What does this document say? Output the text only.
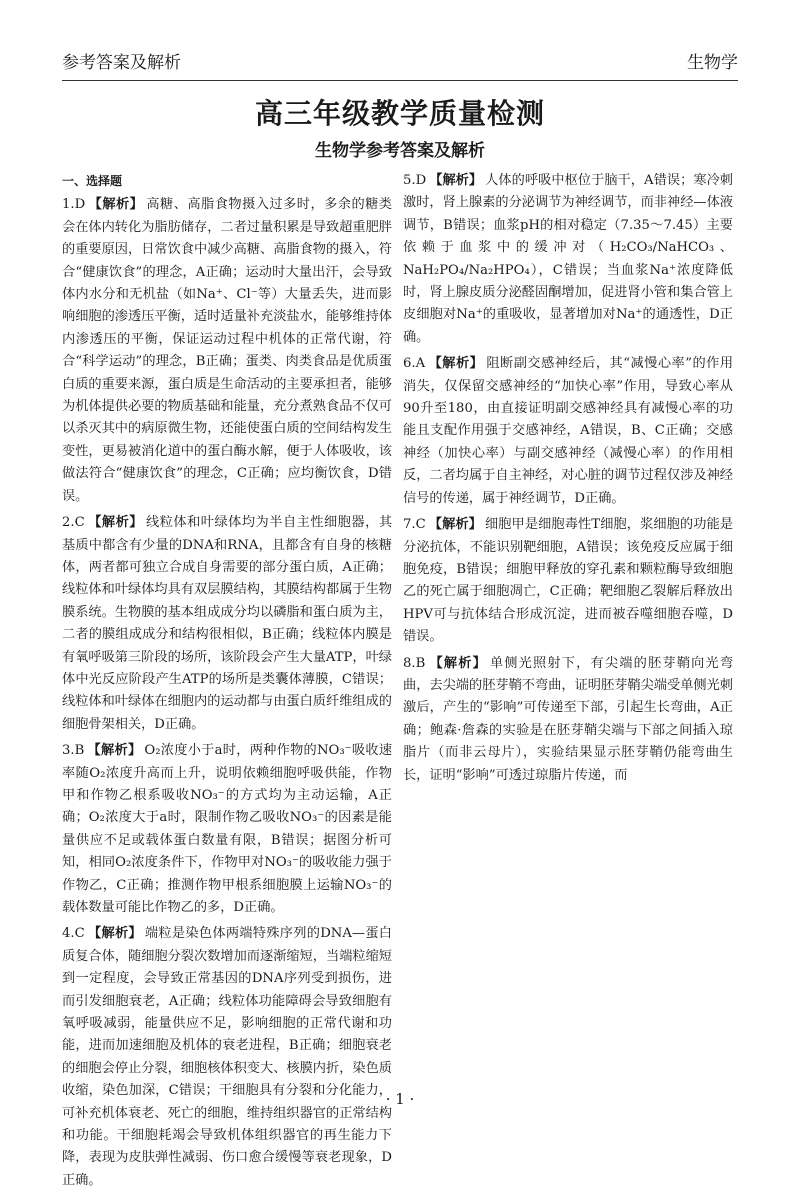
参考答案及解析	生物学
高三年级教学质量检测
生物学参考答案及解析
一、选择题

1.D 【解析】 高糖、高脂食物摄入过多时，多余的糖类会在体内转化为脂肪储存，二者过量积累是导致超重肥胖的重要原因，日常饮食中减少高糖、高脂食物的摄入，符合“健康饮食”的理念，A正确；运动时大量出汗，会导致体内水分和无机盐（如Na⁺、Cl⁻等）大量丢失，进而影响细胞的渗透压平衡，适时适量补充淡盐水，能够维持体内渗透压的平衡，保证运动过程中机体的正常代谢，符合“科学运动”的理念，B正确；蛋类、肉类食品是优质蛋白质的重要来源，蛋白质是生命活动的主要承担者，能够为机体提供必要的物质基础和能量，充分煮熟食品不仅可以杀灭其中的病原微生物，还能使蛋白质的空间结构发生变性，更易被消化道中的蛋白酶水解，便于人体吸收，该做法符合“健康饮食”的理念，C正确；应均衡饮食，D错误。

2.C 【解析】 线粒体和叶绿体均为半自主性细胞器，其基质中都含有少量的DNA和RNA，且都含有自身的核糖体，两者都可独立合成自身需要的部分蛋白质，A正确；线粒体和叶绿体均具有双层膜结构，其膜结构都属于生物膜系统。生物膜的基本组成成分均以磷脂和蛋白质为主，二者的膜组成成分和结构很相似，B正确；线粒体内膜是有氧呼吸第三阶段的场所，该阶段会产生大量ATP，叶绿体中光反应阶段产生ATP的场所是类囊体薄膜，C错误；线粒体和叶绿体在细胞内的运动都与由蛋白质纤维组成的细胞骨架相关，D正确。

3.B 【解析】 O₂浓度小于a时，两种作物的NO₃⁻吸收速率随O₂浓度升高而上升，说明依赖细胞呼吸供能，作物甲和作物乙根系吸收NO₃⁻的方式均为主动运输，A正确；O₂浓度大于a时，限制作物乙吸收NO₃⁻的因素是能量供应不足或载体蛋白数量有限，B错误；据图分析可知，相同O₂浓度条件下，作物甲对NO₃⁻的吸收能力强于作物乙，C正确；推测作物甲根系细胞膜上运输NO₃⁻的载体数量可能比作物乙的多，D正确。

4.C 【解析】 端粒是染色体两端特殊序列的DNA—蛋白质复合体，随细胞分裂次数增加而逐渐缩短，当端粒缩短到一定程度，会导致正常基因的DNA序列受到损伤，进而引发细胞衰老，A正确；线粒体功能障碍会导致细胞有氧呼吸减弱，能量供应不足，影响细胞的正常代谢和功能，进而加速细胞及机体的衰老进程，B正确；细胞衰老的细胞会停止分裂，细胞核体积变大、核膜内折，染色质收缩，染色加深，C错误；干细胞具有分裂和分化能力，可补充机体衰老、死亡的细胞，维持组织器官的正常结构和功能。干细胞耗竭会导致机体组织器官的再生能力下降，表现为皮肤弹性减弱、伤口愈合缓慢等衰老现象，D正确。

5.D 【解析】 人体的呼吸中枢位于脑干，A错误；寒冷刺激时，肾上腺素的分泌调节为神经调节，而非神经—体液调节，B错误；血浆pH的相对稳定（7.35～7.45）主要依赖于血浆中的缓冲对（H₂CO₃/NaHCO₃、NaH₂PO₄/Na₂HPO₄），C错误；当血浆Na⁺浓度降低时，肾上腺皮质分泌醛固酮增加，促进肾小管和集合管上皮细胞对Na⁺的重吸收，显著增加对Na⁺的通透性，D正确。

6.A 【解析】 阻断副交感神经后，其“减慢心率”的作用消失，仅保留交感神经的“加快心率”作用，导致心率从90升至180，由直接证明副交感神经具有减慢心率的功能且支配作用强于交感神经，A错误，B、C正确；交感神经（加快心率）与副交感神经（减慢心率）的作用相反，二者均属于自主神经，对心脏的调节过程仅涉及神经信号的传递，属于神经调节，D正确。

7.C 【解析】 细胞甲是细胞毒性T细胞，浆细胞的功能是分泌抗体，不能识别靶细胞，A错误；该免疫反应属于细胞免疫，B错误；细胞甲释放的穿孔素和颗粒酶导致细胞乙的死亡属于细胞凋亡，C正确；靶细胞乙裂解后释放出HPV可与抗体结合形成沉淀，进而被吞噬细胞吞噬，D错误。

8.B 【解析】 单侧光照射下，有尖端的胚芽鞘向光弯曲，去尖端的胚芽鞘不弯曲，证明胚芽鞘尖端受单侧光刺激后，产生的“影响”可传递至下部，引起生长弯曲，A正确；鲍森·詹森的实验是在胚芽鞘尖端与下部之间插入琼脂片（而非云母片），实验结果显示胚芽鞘仍能弯曲生长，证明“影响”可透过琼脂片传递，而

· 1 ·
